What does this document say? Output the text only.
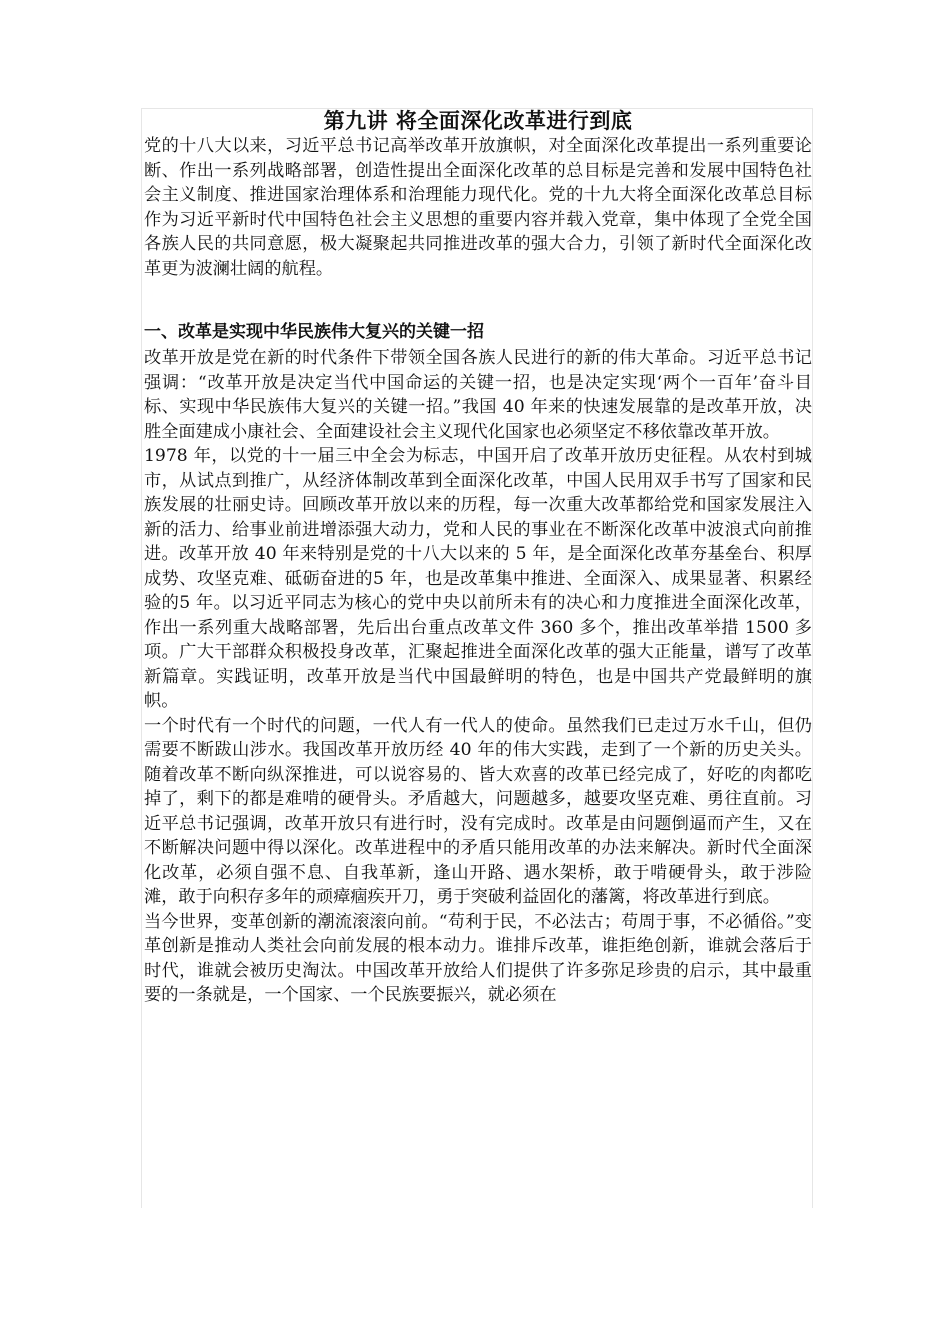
第九讲 将全面深化改革进行到底

党的十八大以来，习近平总书记高举改革开放旗帜，对全面深化改革提出一系列重要论断、作出一系列战略部署，创造性提出全面深化改革的总目标是完善和发展中国特色社会主义制度、推进国家治理体系和治理能力现代化。党的十九大将全面深化改革总目标作为习近平新时代中国特色社会主义思想的重要内容并载入党章，集中体现了全党全国各族人民的共同意愿，极大凝聚起共同推进改革的强大合力，引领了新时代全面深化改革更为波澜壮阔的航程。

一、改革是实现中华民族伟大复兴的关键一招

改革开放是党在新的时代条件下带领全国各族人民进行的新的伟大革命。习近平总书记强调：“改革开放是决定当代中国命运的关键一招，也是决定实现‘两个一百年’奋斗目标、实现中华民族伟大复兴的关键一招。”我国 40 年来的快速发展靠的是改革开放，决胜全面建成小康社会、全面建设社会主义现代化国家也必须坚定不移依靠改革开放。

1978 年，以党的十一届三中全会为标志，中国开启了改革开放历史征程。从农村到城市，从试点到推广，从经济体制改革到全面深化改革，中国人民用双手书写了国家和民族发展的壮丽史诗。回顾改革开放以来的历程，每一次重大改革都给党和国家发展注入新的活力、给事业前进增添强大动力，党和人民的事业在不断深化改革中波浪式向前推进。改革开放 40 年来特别是党的十八大以来的 5 年，是全面深化改革夯基垒台、积厚成势、攻坚克难、砥砺奋进的5 年，也是改革集中推进、全面深入、成果显著、积累经验的5 年。以习近平同志为核心的党中央以前所未有的决心和力度推进全面深化改革，作出一系列重大战略部署，先后出台重点改革文件 360 多个，推出改革举措 1500 多项。广大干部群众积极投身改革，汇聚起推进全面深化改革的强大正能量，谱写了改革新篇章。实践证明，改革开放是当代中国最鲜明的特色，也是中国共产党最鲜明的旗帜。

一个时代有一个时代的问题，一代人有一代人的使命。虽然我们已走过万水千山，但仍需要不断跋山涉水。我国改革开放历经 40 年的伟大实践，走到了一个新的历史关头。随着改革不断向纵深推进，可以说容易的、皆大欢喜的改革已经完成了，好吃的肉都吃掉了，剩下的都是难啃的硬骨头。矛盾越大，问题越多，越要攻坚克难、勇往直前。习近平总书记强调，改革开放只有进行时，没有完成时。改革是由问题倒逼而产生，又在不断解决问题中得以深化。改革进程中的矛盾只能用改革的办法来解决。新时代全面深化改革，必须自强不息、自我革新，逢山开路、遇水架桥，敢于啃硬骨头，敢于涉险滩，敢于向积存多年的顽瘴痼疾开刀，勇于突破利益固化的藩篱，将改革进行到底。

当今世界，变革创新的潮流滚滚向前。“苟利于民，不必法古；苟周于事，不必循俗。”变革创新是推动人类社会向前发展的根本动力。谁排斥改革，谁拒绝创新，谁就会落后于时代，谁就会被历史淘汰。中国改革开放给人们提供了许多弥足珍贵的启示，其中最重要的一条就是，一个国家、一个民族要振兴，就必须在
